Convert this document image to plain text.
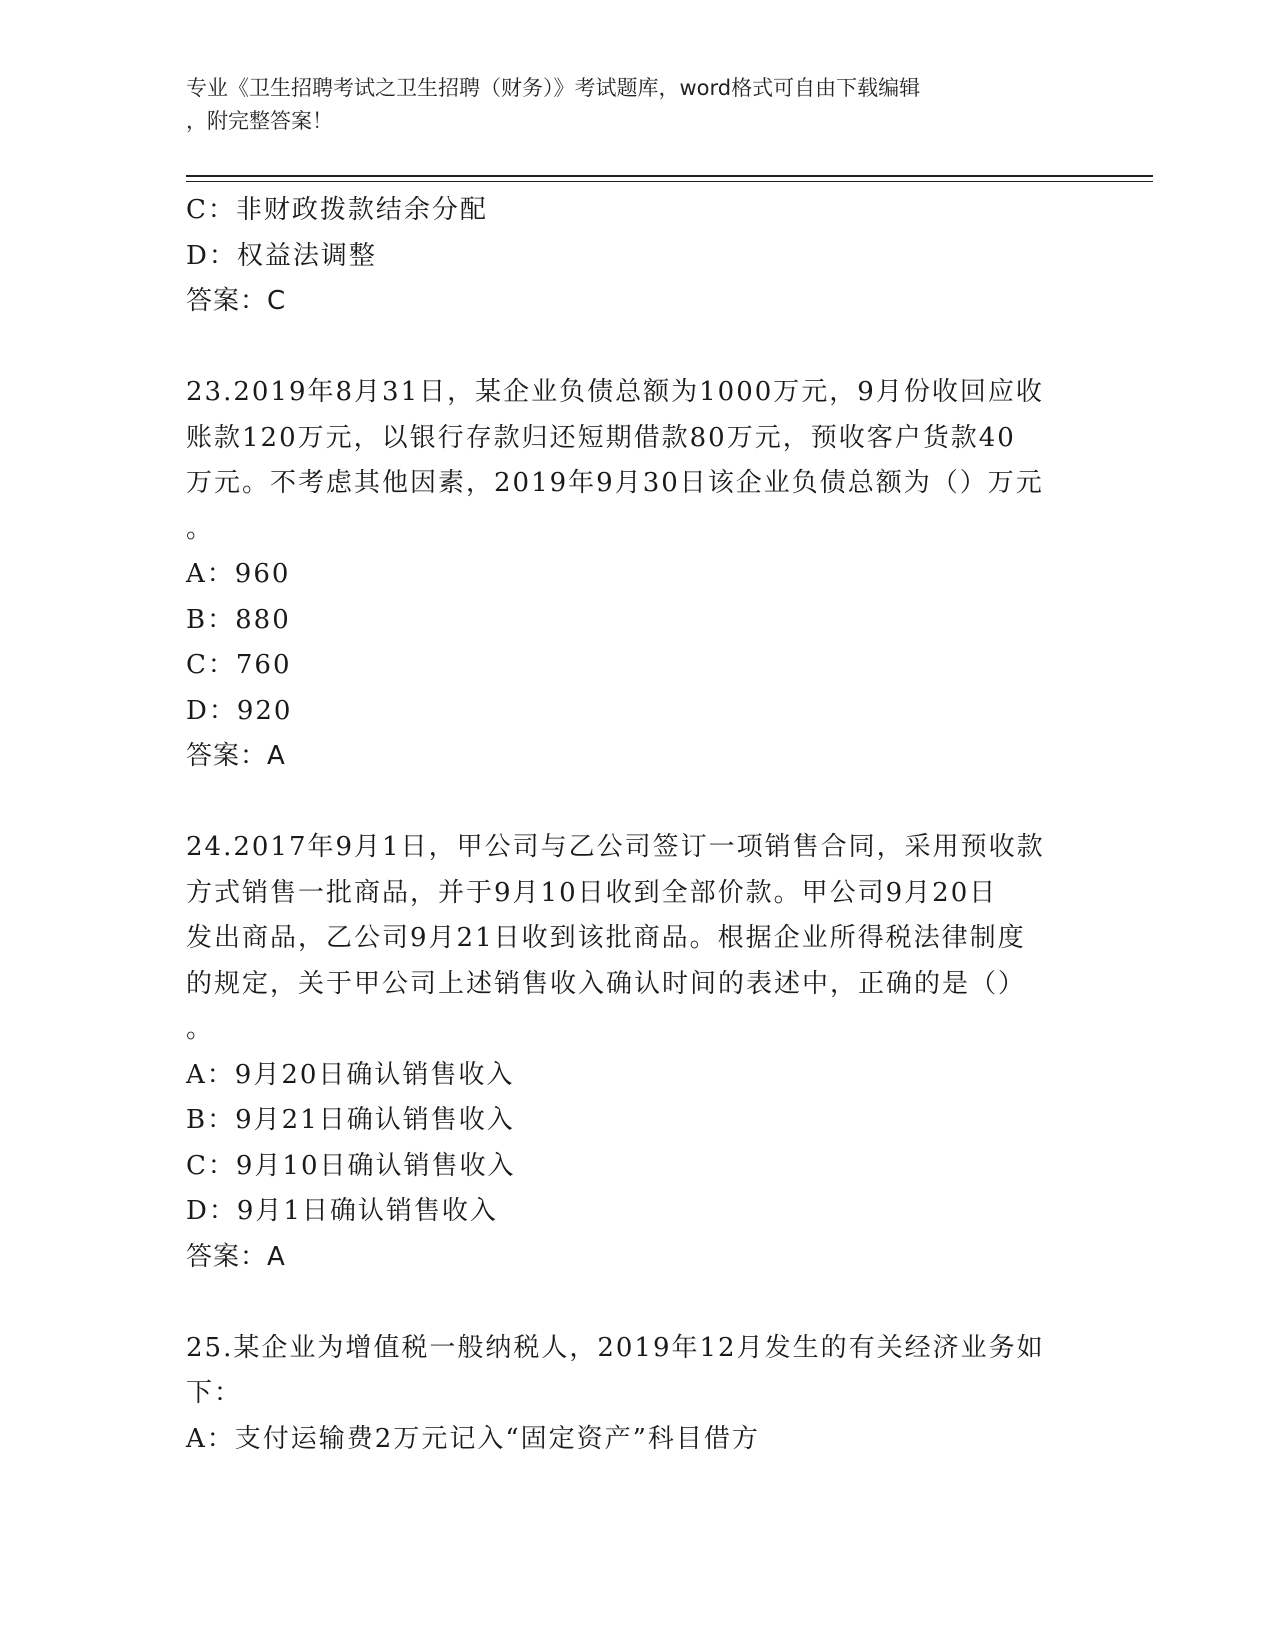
专业《卫生招聘考试之卫生招聘（财务）》考试题库，word格式可自由下载编辑
，附完整答案！
C：非财政拨款结余分配
D：权益法调整
答案：C
23.2019年8月31日，某企业负债总额为1000万元，9月份收回应收
账款120万元，以银行存款归还短期借款80万元，预收客户货款40
万元。不考虑其他因素，2019年9月30日该企业负债总额为（）万元
。
A：960
B：880
C：760
D：920
答案：A
24.2017年9月1日，甲公司与乙公司签订一项销售合同，采用预收款
方式销售一批商品，并于9月10日收到全部价款。甲公司9月20日
发出商品，乙公司9月21日收到该批商品。根据企业所得税法律制度
的规定，关于甲公司上述销售收入确认时间的表述中，正确的是（）
。
A：9月20日确认销售收入
B：9月21日确认销售收入
C：9月10日确认销售收入
D：9月1日确认销售收入
答案：A
25.某企业为增值税一般纳税人，2019年12月发生的有关经济业务如
下：
A：支付运输费2万元记入“固定资产”科目借方
